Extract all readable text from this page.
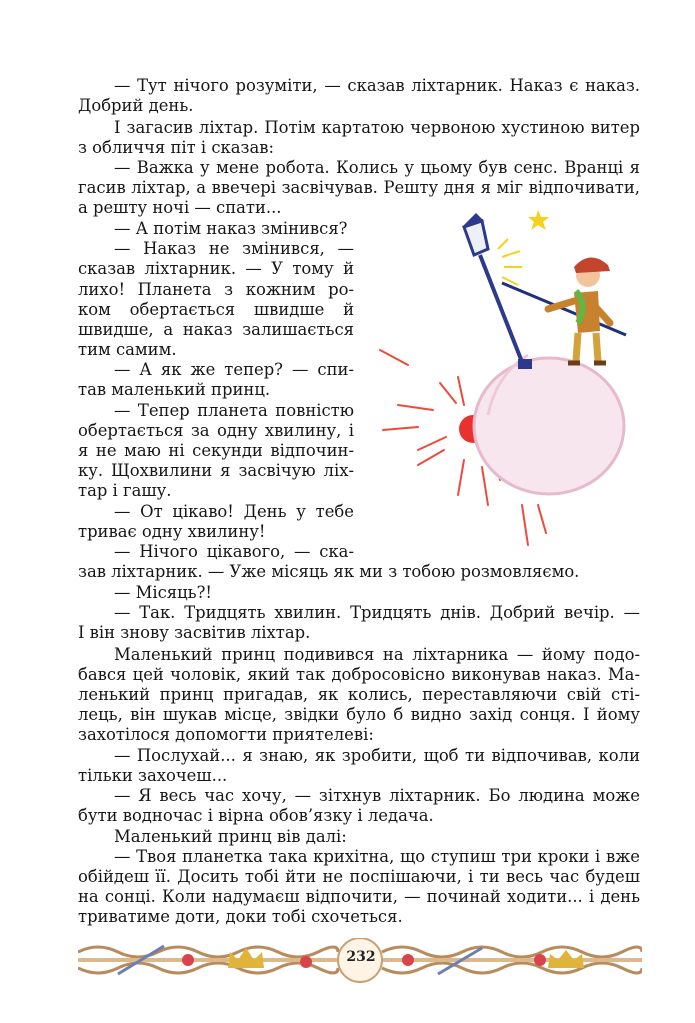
— Тут нічого розуміти, — сказав ліхтарник. Наказ є наказ.
Добрий день.
І загасив ліхтар. Потім картатою червоною хустиною витер
з обличчя піт і сказав:
— Важка у мене робота. Колись у цьому був сенс. Вранці я
гасив ліхтар, а ввечері засвічував. Решту дня я міг відпочивати,
а решту ночі — спати...
— А потім наказ змінився?
— Наказ не змінився, —
сказав ліхтарник. — У тому й
лихо! Планета з кожним ро-
ком обертається швидше й
швидше, а наказ залишається
тим самим.
— А як же тепер? — спи-
тав маленький принц.
— Тепер планета повністю
обертається за одну хвилину, і
я не маю ні секунди відпочин-
ку. Щохвилини я засвічую ліх-
тар і гашу.
— От цікаво! День у тебе
триває одну хвилину!
— Нічого цікавого, — ска-
зав ліхтарник. — Уже місяць як ми з тобою розмовляємо.
— Місяць?!
— Так. Тридцять хвилин. Тридцять днів. Добрий вечір. —
І він знову засвітив ліхтар.
Маленький принц подивився на ліхтарника — йому подо-
бався цей чоловік, який так добросовісно виконував наказ. Ма-
ленький принц пригадав, як колись, переставляючи свій стi-
лець, він шукав місце, звідки було б видно захід сонця. І йому
захотілося допомогти приятелеві:
— Послухай... я знаю, як зробити, щоб ти відпочивав, коли
тільки захочеш...
— Я весь час хочу, — зітхнув ліхтарник. Бо людина може
бути водночас і вірна обов’язку і ледача.
Маленький принц вів далі:
— Твоя планетка така крихітна, що ступиш три кроки і вже
обійдеш її. Досить тобі йти не поспішаючи, і ти весь час будеш
на сонці. Коли надумаєш відпочити, — починай ходити... і день
триватиме доти, доки тобі схочеться.
232
